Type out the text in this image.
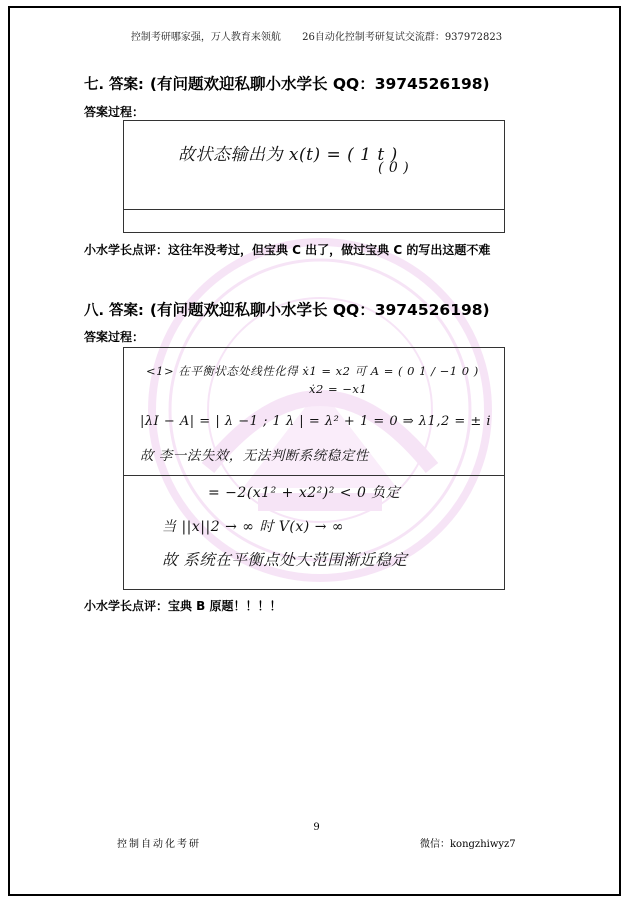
控制考研哪家强，万人教育来领航 26自动化控制考研复试交流群：937972823
七. 答案: (有问题欢迎私聊小水学长 QQ：3974526198)
答案过程：
故状态输出为 x(t) = ( 1 t )
( 0 )
小水学长点评：这往年没考过，但宝典 C 出了，做过宝典 C 的写出这题不难
八. 答案: (有问题欢迎私聊小水学长 QQ：3974526198)
答案过程：
<1> 在平衡状态处线性化得 ẋ1 = x2 可 A = ( 0 1 / −1 0 )
ẋ2 = −x1
|λI − A| = | λ −1 ; 1 λ | = λ² + 1 = 0 ⇒ λ1,2 = ± i
故 李一法失效，无法判断系统稳定性
= −2(x1² + x2²)² < 0 负定
当 ||x||2 → ∞ 时 V(x) → ∞
故 系统在平衡点处大范围渐近稳定
小水学长点评：宝典 B 原题！！！！
9
控制自动化考研	微信：kongzhiwyz7
